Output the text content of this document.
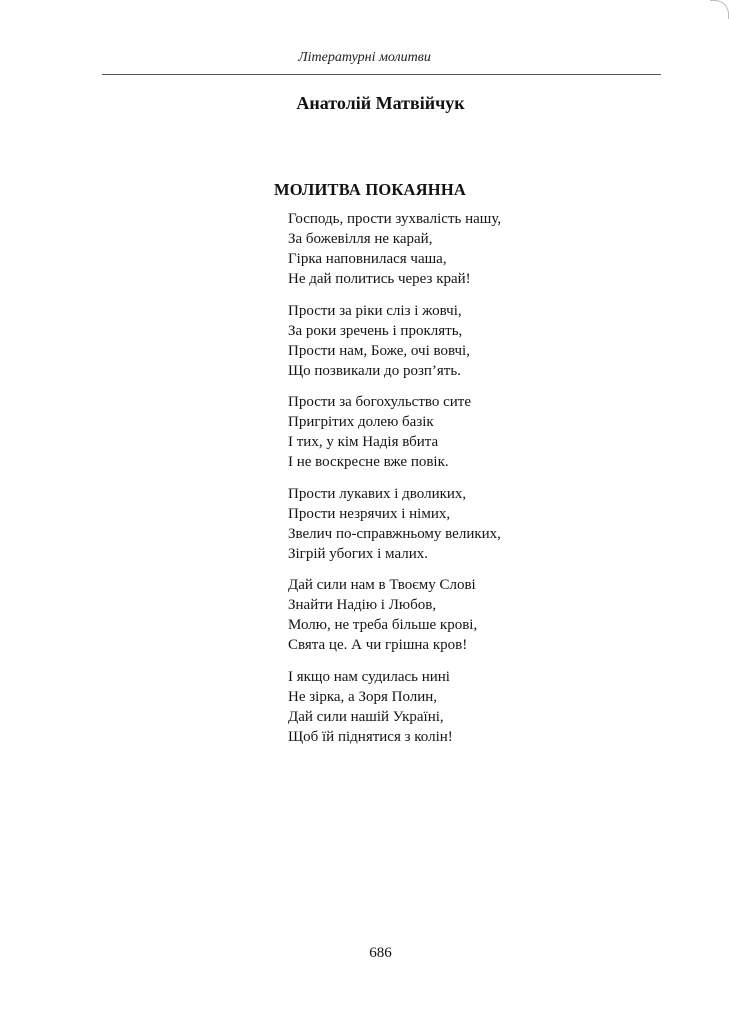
Літературні молитви
Анатолій Матвійчук
МОЛИТВА ПОКАЯННА
Господь, прости зухвалість нашу,
За божевілля не карай,
Гірка наповнилася чаша,
Не дай политись через край!
Прости за ріки сліз і жовчі,
За роки зречень і проклять,
Прости нам, Боже, очі вовчі,
Що позвикали до розп’ять.
Прости за богохульство сите
Пригрітих долею базік
І тих, у кім Надія вбита
І не воскресне вже повік.
Прости лукавих і дволиких,
Прости незрячих і німих,
Звелич по-справжньому великих,
Зігрій убогих і малих.
Дай сили нам в Твоєму Слові
Знайти Надію і Любов,
Молю, не треба більше крові,
Свята це. А чи грішна кров!
І якщо нам судилась нині
Не зірка, а Зоря Полин,
Дай сили нашій Україні,
Щоб їй піднятися з колін!
686
